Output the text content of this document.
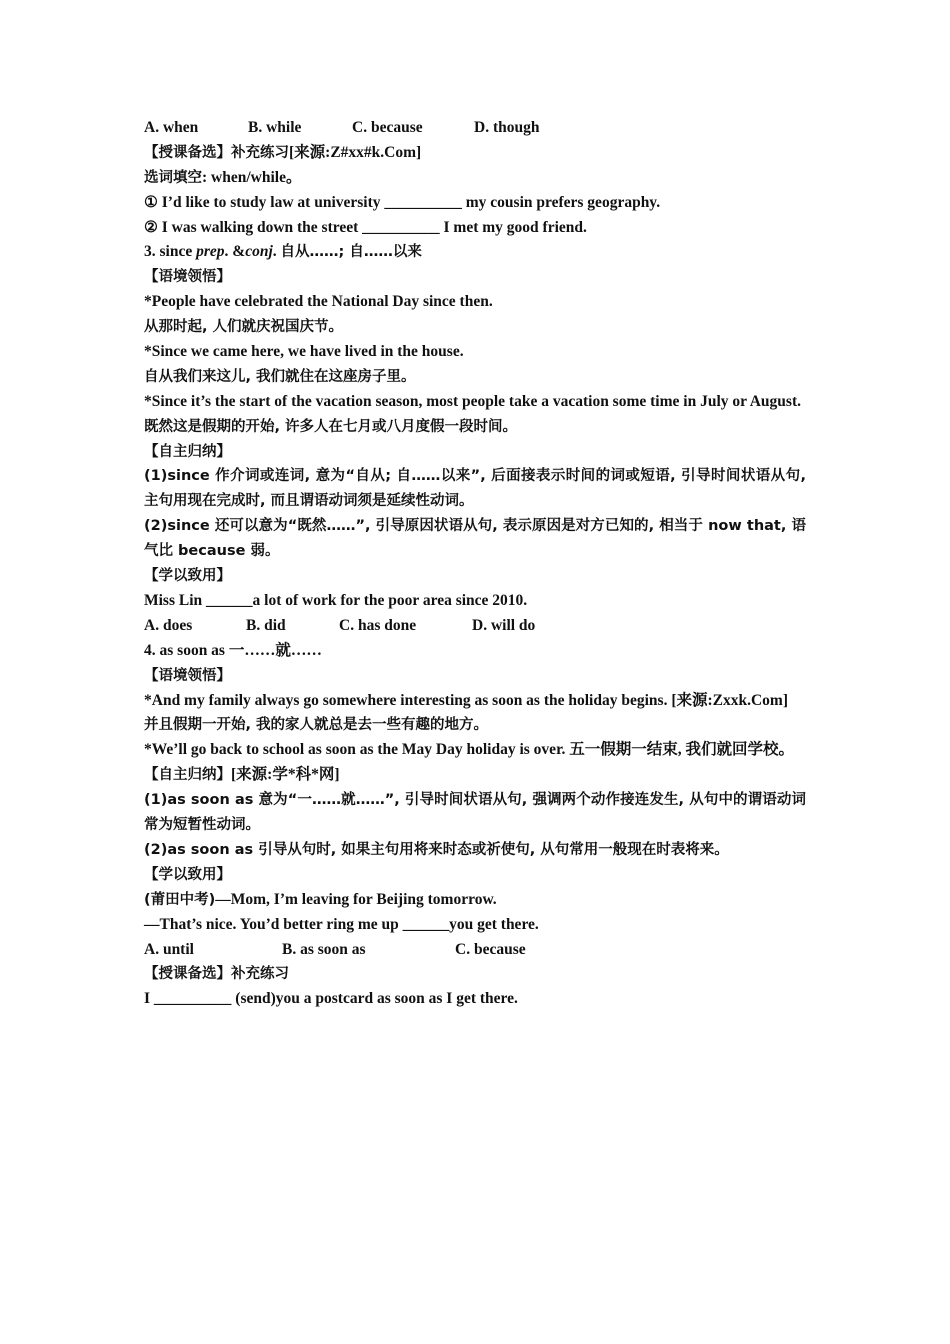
A. when	B. while	C. because	D. though
【授课备选】补充练习[来源:Z#xx#k.Com]
选词填空: when/while。
① I’d like to study law at university __________ my cousin prefers geography.
② I was walking down the street __________ I met my good friend.
3. since prep. &conj. 自从……; 自……以来
【语境领悟】
*People have celebrated the National Day since then.
从那时起, 人们就庆祝国庆节。
*Since we came here, we have lived in the house.
自从我们来这儿, 我们就住在这座房子里。
*Since it’s the start of the vacation season, most people take a vacation some time in July or August.
既然这是假期的开始, 许多人在七月或八月度假一段时间。
【自主归纳】
(1)since 作介词或连词, 意为“自从; 自……以来”, 后面接表示时间的词或短语, 引导时间状语从句, 主句用现在完成时, 而且谓语动词须是延续性动词。
(2)since 还可以意为“既然……”, 引导原因状语从句, 表示原因是对方已知的, 相当于 now that, 语气比 because 弱。
【学以致用】
Miss Lin ______a lot of work for the poor area since 2010.
A. does	B. did	C. has done	D. will do
4. as soon as 一……就……
【语境领悟】
*And my family always go somewhere interesting as soon as the holiday begins. [来源:Zxxk.Com]
并且假期一开始, 我的家人就总是去一些有趣的地方。
*We’ll go back to school as soon as the May Day holiday is over. 五一假期一结束, 我们就回学校。
【自主归纳】[来源:学*科*网]
(1)as soon as 意为“一……就……”, 引导时间状语从句, 强调两个动作接连发生, 从句中的谓语动词常为短暂性动词。
(2)as soon as 引导从句时, 如果主句用将来时态或祈使句, 从句常用一般现在时表将来。
【学以致用】
(莆田中考)—Mom, I’m leaving for Beijing tomorrow.
—That’s nice. You’d better ring me up ______you get there.
A. until	B. as soon as	C. because
【授课备选】补充练习
I __________ (send)you a postcard as soon as I get there.
